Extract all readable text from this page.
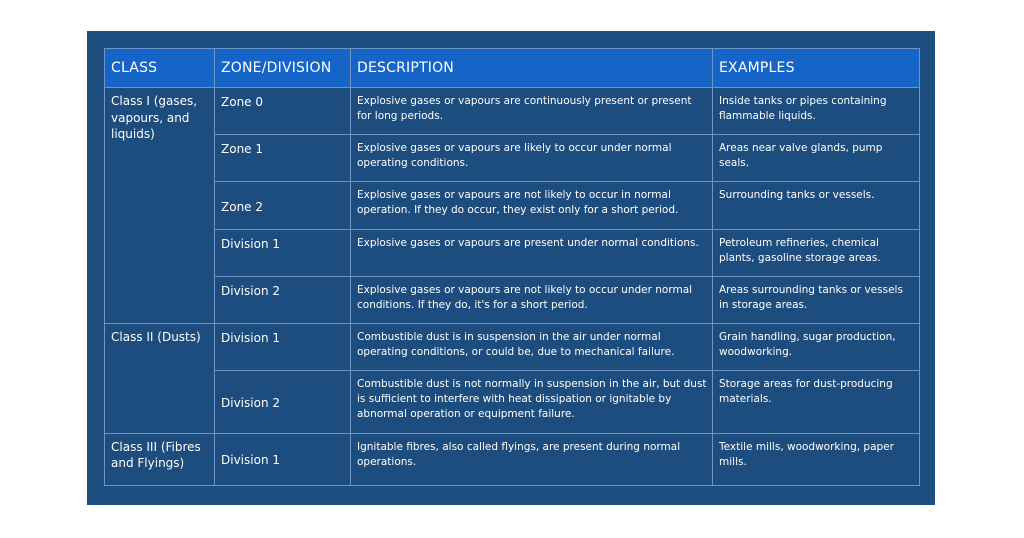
CLASS	ZONE/DIVISION	DESCRIPTION	EXAMPLES
Class I (gases, vapours, and liquids)	Zone 0	Explosive gases or vapours are continuously present or present for long periods.	Inside tanks or pipes containing flammable liquids.
	Zone 1	Explosive gases or vapours are likely to occur under normal operating conditions.	Areas near valve glands, pump seals.
	Zone 2	Explosive gases or vapours are not likely to occur in normal operation. If they do occur, they exist only for a short period.	Surrounding tanks or vessels.
	Division 1	Explosive gases or vapours are present under normal conditions.	Petroleum refineries, chemical plants, gasoline storage areas.
	Division 2	Explosive gases or vapours are not likely to occur under normal conditions. If they do, it's for a short period.	Areas surrounding tanks or vessels in storage areas.
Class II (Dusts)	Division 1	Combustible dust is in suspension in the air under normal operating conditions, or could be, due to mechanical failure.	Grain handling, sugar production, woodworking.
	Division 2	Combustible dust is not normally in suspension in the air, but dust is sufficient to interfere with heat dissipation or ignitable by abnormal operation or equipment failure.	Storage areas for dust-producing materials.
Class III (Fibres and Flyings)	Division 1	Ignitable fibres, also called flyings, are present during normal operations.	Textile mills, woodworking, paper mills.
